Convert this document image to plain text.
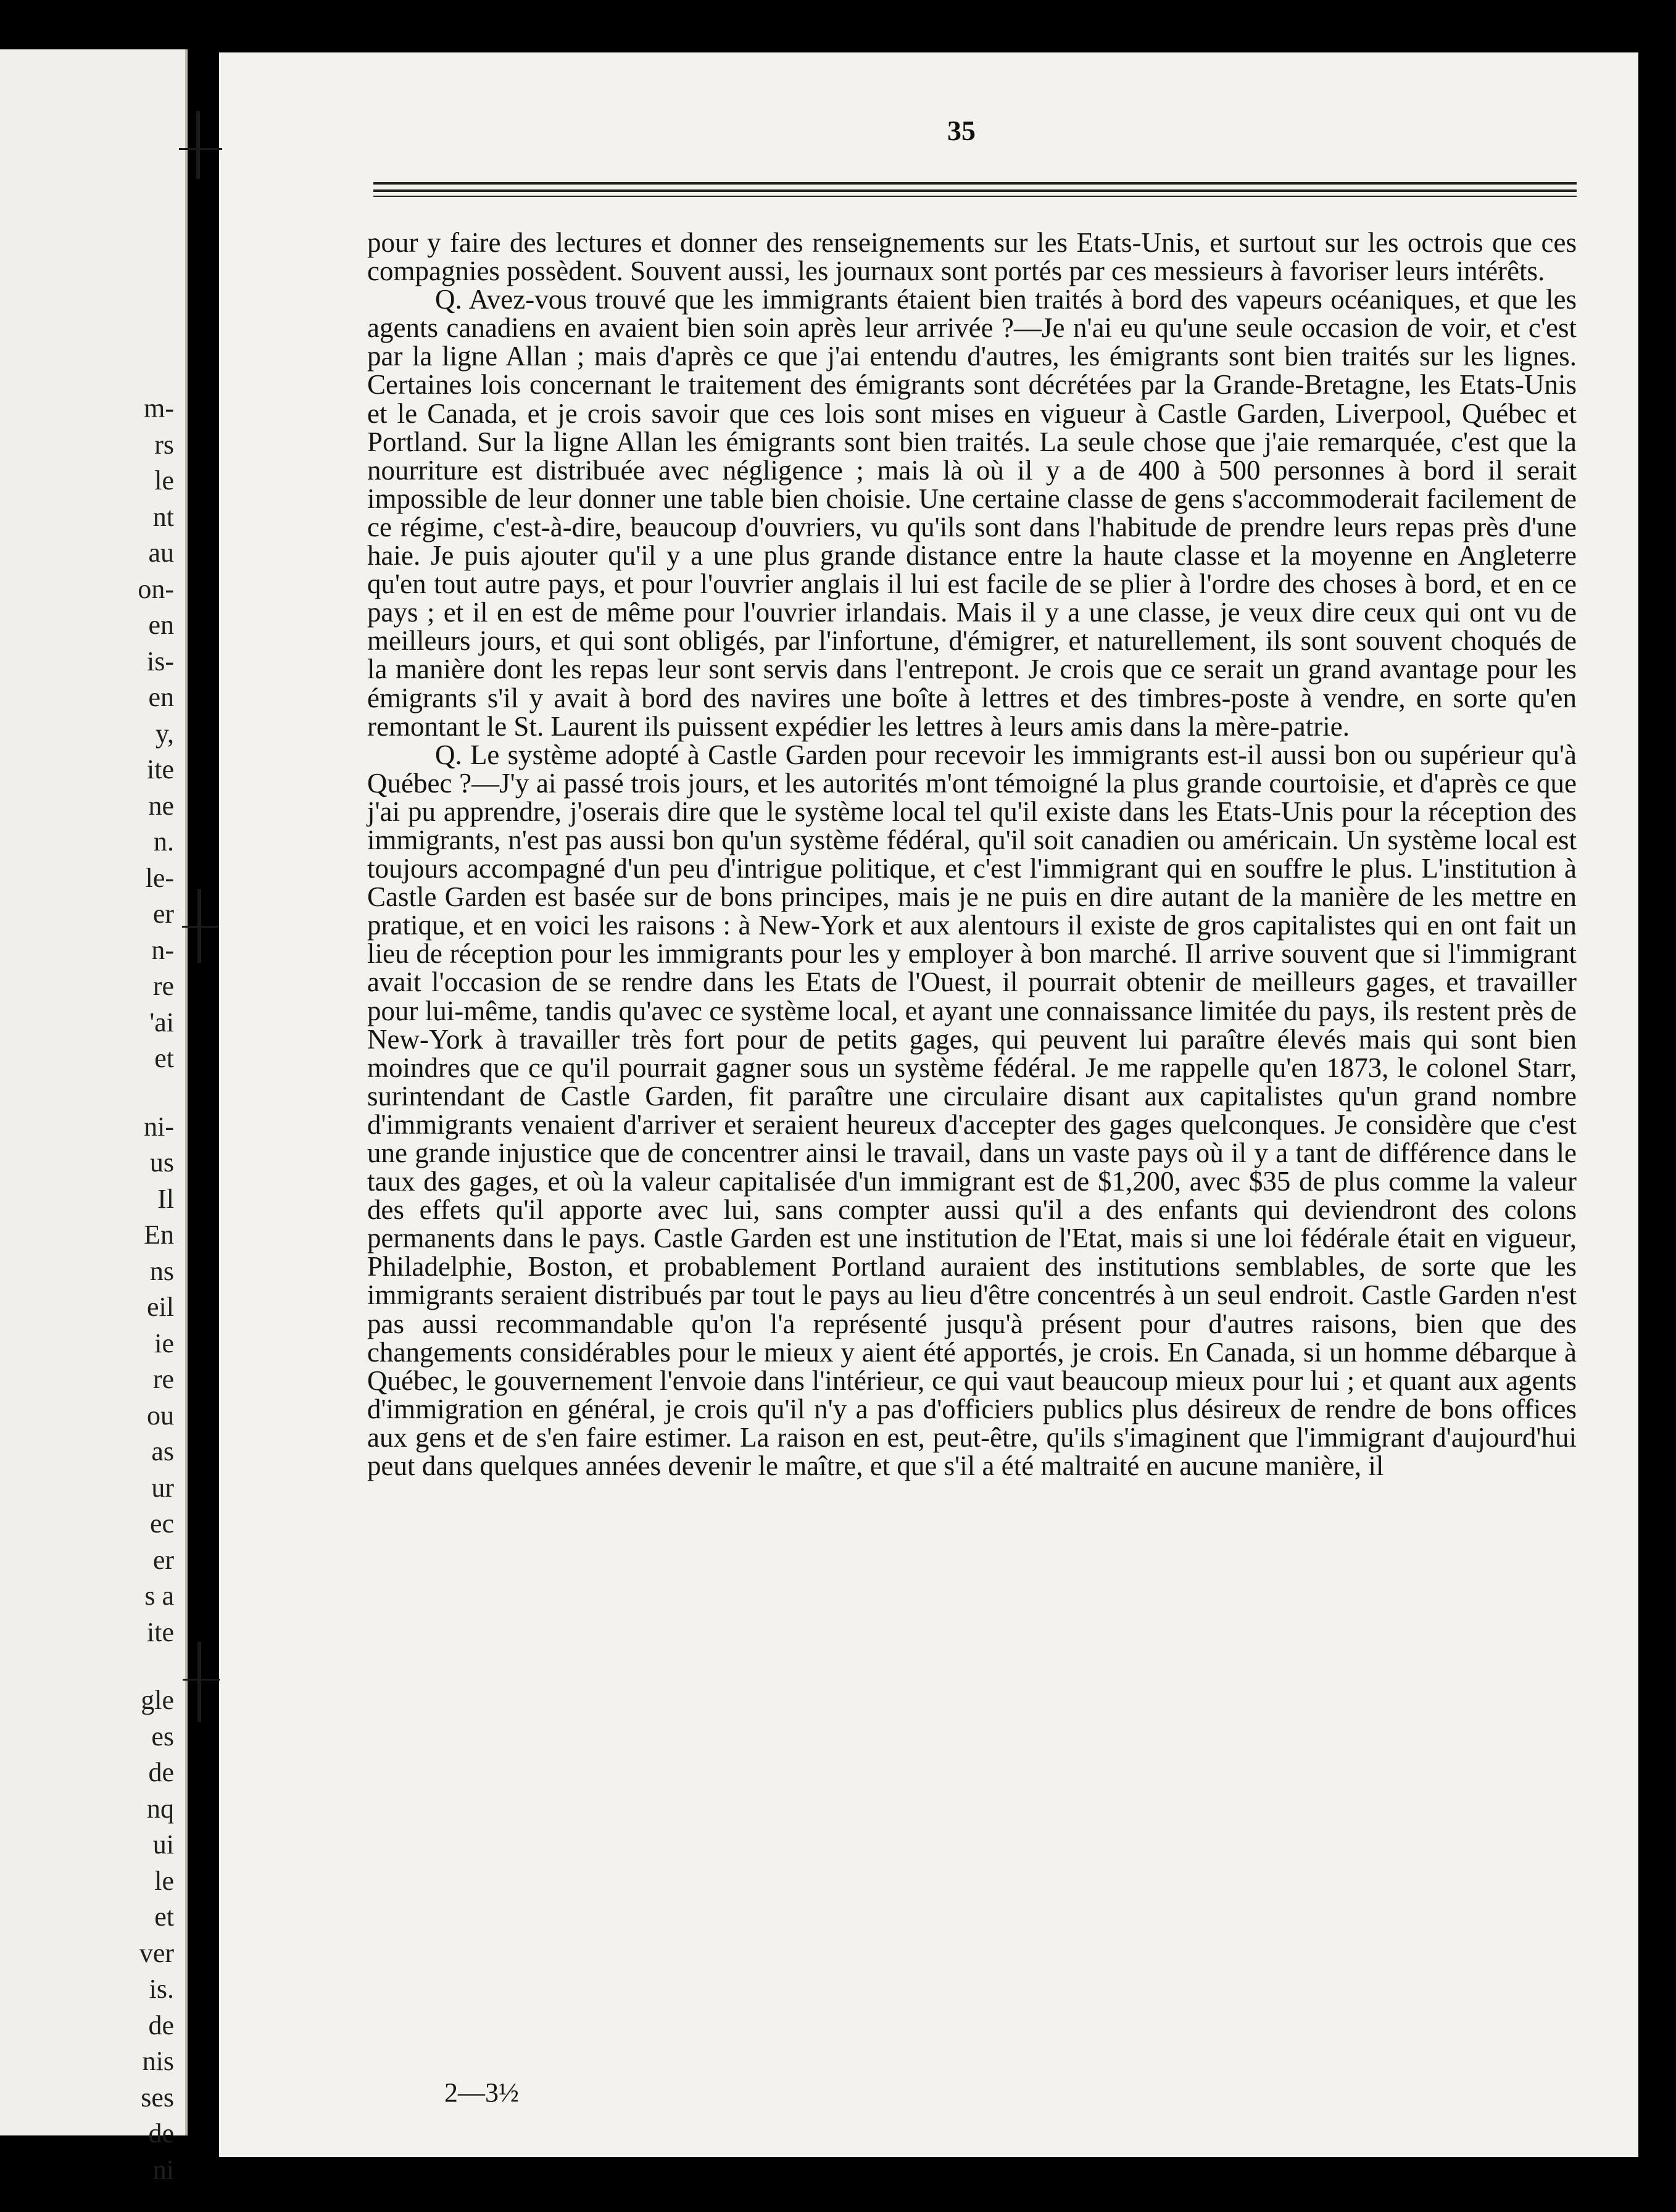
m-
rs
le
nt
au
on-
en
is-
en
y,
ite
ne
n.
le-
er
n-
re
'ai
et
ni-
us
Il
En
ns
eil
ie
re
ou
as
ur
ec
er
s a
ite
gle
es
de
nq
ui
le
et
ver
is.
de
nis
ses
de
ni
35

pour y faire des lectures et donner des renseignements sur les Etats-Unis, et surtout sur les octrois que ces compagnies possèdent. Souvent aussi, les journaux sont portés par ces messieurs à favoriser leurs intérêts.

Q. Avez-vous trouvé que les immigrants étaient bien traités à bord des vapeurs océaniques, et que les agents canadiens en avaient bien soin après leur arrivée ?—Je n'ai eu qu'une seule occasion de voir, et c'est par la ligne Allan ; mais d'après ce que j'ai entendu d'autres, les émigrants sont bien traités sur les lignes. Certaines lois concernant le traitement des émigrants sont décrétées par la Grande-Bretagne, les Etats-Unis et le Canada, et je crois savoir que ces lois sont mises en vigueur à Castle Garden, Liverpool, Québec et Portland. Sur la ligne Allan les émigrants sont bien traités. La seule chose que j'aie remarquée, c'est que la nourriture est distribuée avec négligence ; mais là où il y a de 400 à 500 personnes à bord il serait impossible de leur donner une table bien choisie. Une certaine classe de gens s'accommoderait facilement de ce régime, c'est-à-dire, beaucoup d'ouvriers, vu qu'ils sont dans l'habitude de prendre leurs repas près d'une haie. Je puis ajouter qu'il y a une plus grande distance entre la haute classe et la moyenne en Angleterre qu'en tout autre pays, et pour l'ouvrier anglais il lui est facile de se plier à l'ordre des choses à bord, et en ce pays ; et il en est de même pour l'ouvrier irlandais. Mais il y a une classe, je veux dire ceux qui ont vu de meilleurs jours, et qui sont obligés, par l'infortune, d'émigrer, et naturellement, ils sont souvent choqués de la manière dont les repas leur sont servis dans l'entrepont. Je crois que ce serait un grand avantage pour les émigrants s'il y avait à bord des navires une boîte à lettres et des timbres-poste à vendre, en sorte qu'en remontant le St. Laurent ils puissent expédier les lettres à leurs amis dans la mère-patrie.

Q. Le système adopté à Castle Garden pour recevoir les immigrants est-il aussi bon ou supérieur qu'à Québec ?—J'y ai passé trois jours, et les autorités m'ont témoigné la plus grande courtoisie, et d'après ce que j'ai pu apprendre, j'oserais dire que le système local tel qu'il existe dans les Etats-Unis pour la réception des immigrants, n'est pas aussi bon qu'un système fédéral, qu'il soit canadien ou américain. Un système local est toujours accompagné d'un peu d'intrigue politique, et c'est l'immigrant qui en souffre le plus. L'institution à Castle Garden est basée sur de bons principes, mais je ne puis en dire autant de la manière de les mettre en pratique, et en voici les raisons : à New-York et aux alentours il existe de gros capitalistes qui en ont fait un lieu de réception pour les immigrants pour les y employer à bon marché. Il arrive souvent que si l'immigrant avait l'occasion de se rendre dans les Etats de l'Ouest, il pourrait obtenir de meilleurs gages, et travailler pour lui-même, tandis qu'avec ce système local, et ayant une connaissance limitée du pays, ils restent près de New-York à travailler très fort pour de petits gages, qui peuvent lui paraître élevés mais qui sont bien moindres que ce qu'il pourrait gagner sous un système fédéral. Je me rappelle qu'en 1873, le colonel Starr, surintendant de Castle Garden, fit paraître une circulaire disant aux capitalistes qu'un grand nombre d'immigrants venaient d'arriver et seraient heureux d'accepter des gages quelconques. Je considère que c'est une grande injustice que de concentrer ainsi le travail, dans un vaste pays où il y a tant de différence dans le taux des gages, et où la valeur capitalisée d'un immigrant est de $1,200, avec $35 de plus comme la valeur des effets qu'il apporte avec lui, sans compter aussi qu'il a des enfants qui deviendront des colons permanents dans le pays. Castle Garden est une institution de l'Etat, mais si une loi fédérale était en vigueur, Philadelphie, Boston, et probablement Portland auraient des institutions semblables, de sorte que les immigrants seraient distribués par tout le pays au lieu d'être concentrés à un seul endroit. Castle Garden n'est pas aussi recommandable qu'on l'a représenté jusqu'à présent pour d'autres raisons, bien que des changements considérables pour le mieux y aient été apportés, je crois. En Canada, si un homme débarque à Québec, le gouvernement l'envoie dans l'intérieur, ce qui vaut beaucoup mieux pour lui ; et quant aux agents d'immigration en général, je crois qu'il n'y a pas d'officiers publics plus désireux de rendre de bons offices aux gens et de s'en faire estimer. La raison en est, peut-être, qu'ils s'imaginent que l'immigrant d'aujourd'hui peut dans quelques années devenir le maître, et que s'il a été maltraité en aucune manière, il

2—3½
